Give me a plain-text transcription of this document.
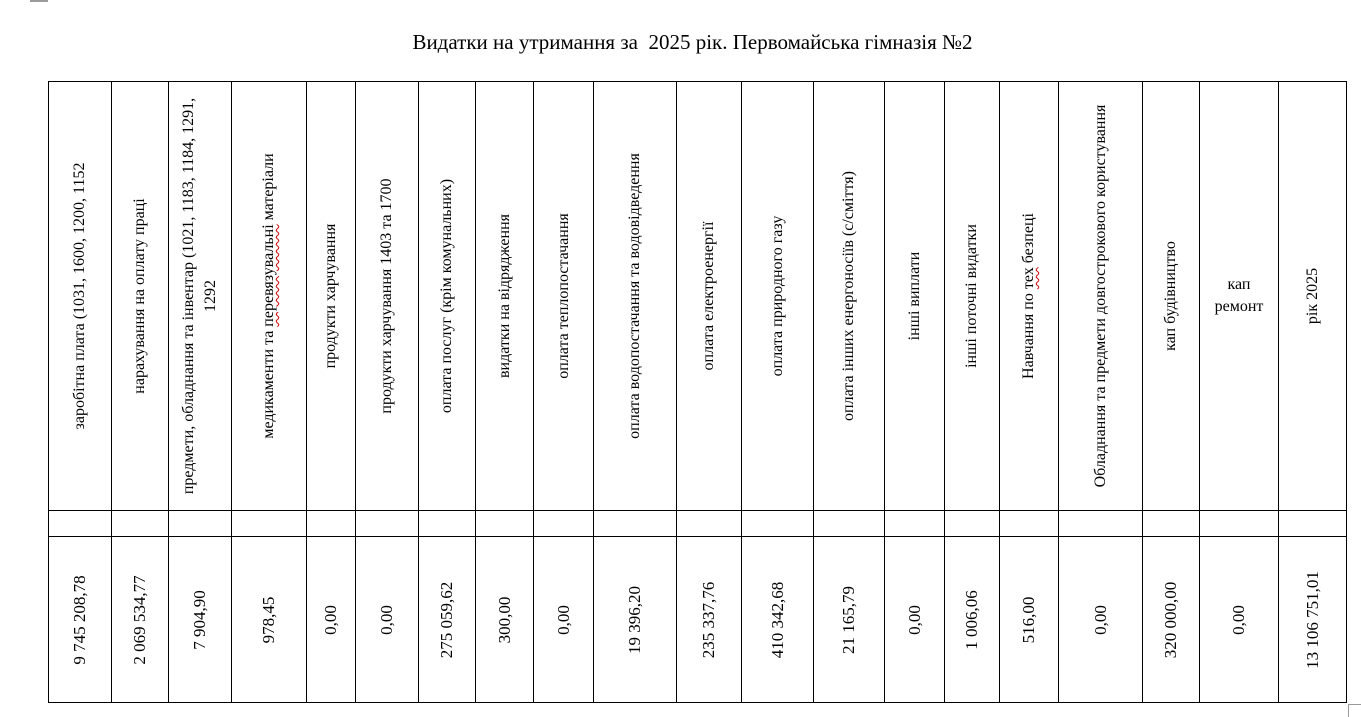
Видатки на утримання за  2025 рік. Первомайська гімназія №2
заробітна плата (1031, 1600, 1200, 1152	нарахування на оплату праці	предмети, обладнання та інвентар (1021, 1183, 1184, 1291, 1292	медикаменти та перевязувальні матеріали	продукти харчування	продукти харчування 1403 та 1700	оплата послуг (крім комунальних)	видатки на відрядження	оплата теплопостачання	оплата водопостачання та водовідведення	оплата електроенергії	оплата природного газу	оплата інших енергоносіїв (с/сміття)	інші виплати	інші поточні видатки	Навчання по тех безпеці	Обладнання та предмети довгострокового користування	кап будівництво	кап ремонт	рік 2025

9 745 208,78	2 069 534,77	7 904,90	978,45	0,00	0,00	275 059,62	300,00	0,00	19 396,20	235 337,76	410 342,68	21 165,79	0,00	1 006,06	516,00	0,00	320 000,00	0,00	13 106 751,01
